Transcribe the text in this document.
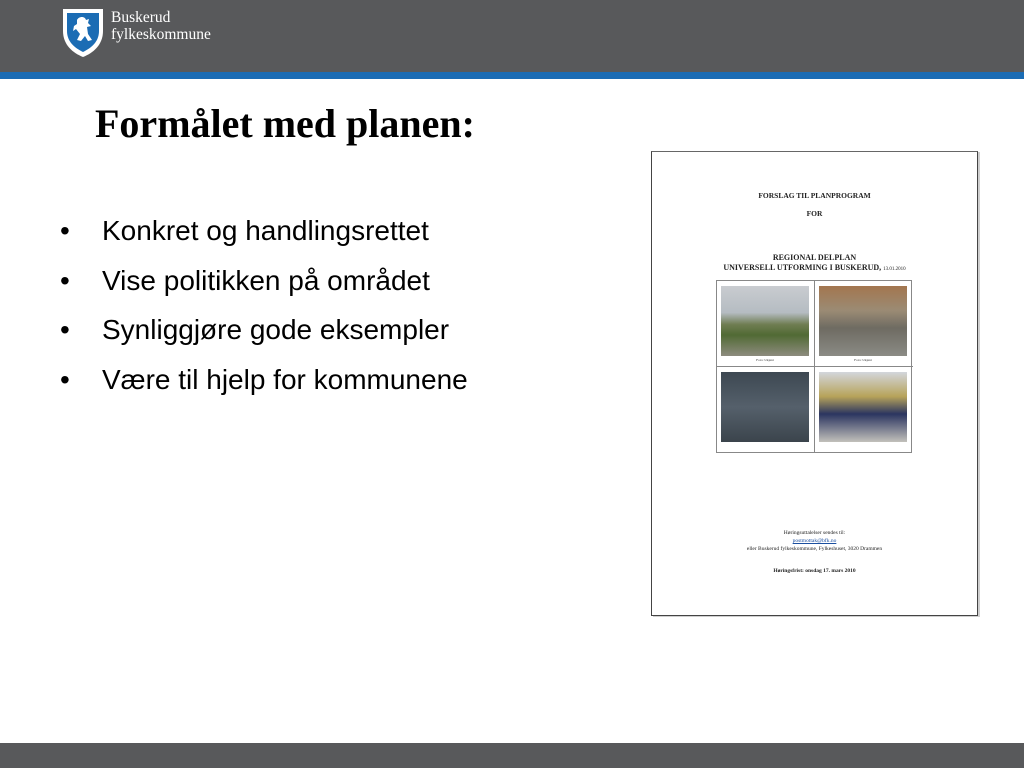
Buskerud
fylkeskommune
Formålet med planen:
•	Konkret og handlingsrettet
•	Vise politikken på området
•	Synliggjøre gode eksempler
•	Være til hjelp for kommunene
FORSLAG TIL PLANPROGRAM
FOR
REGIONAL DELPLAN
UNIVERSELL UTFORMING I BUSKERUD, 13.01.2010
Foto: Ukjent	Foto: Ukjent
Høringsuttalelser sendes til:
postmottak@bfk.no
eller Buskerud fylkeskommune, Fylkeshuset, 3020 Drammen
Høringsfrist: onsdag 17. mars 2010
